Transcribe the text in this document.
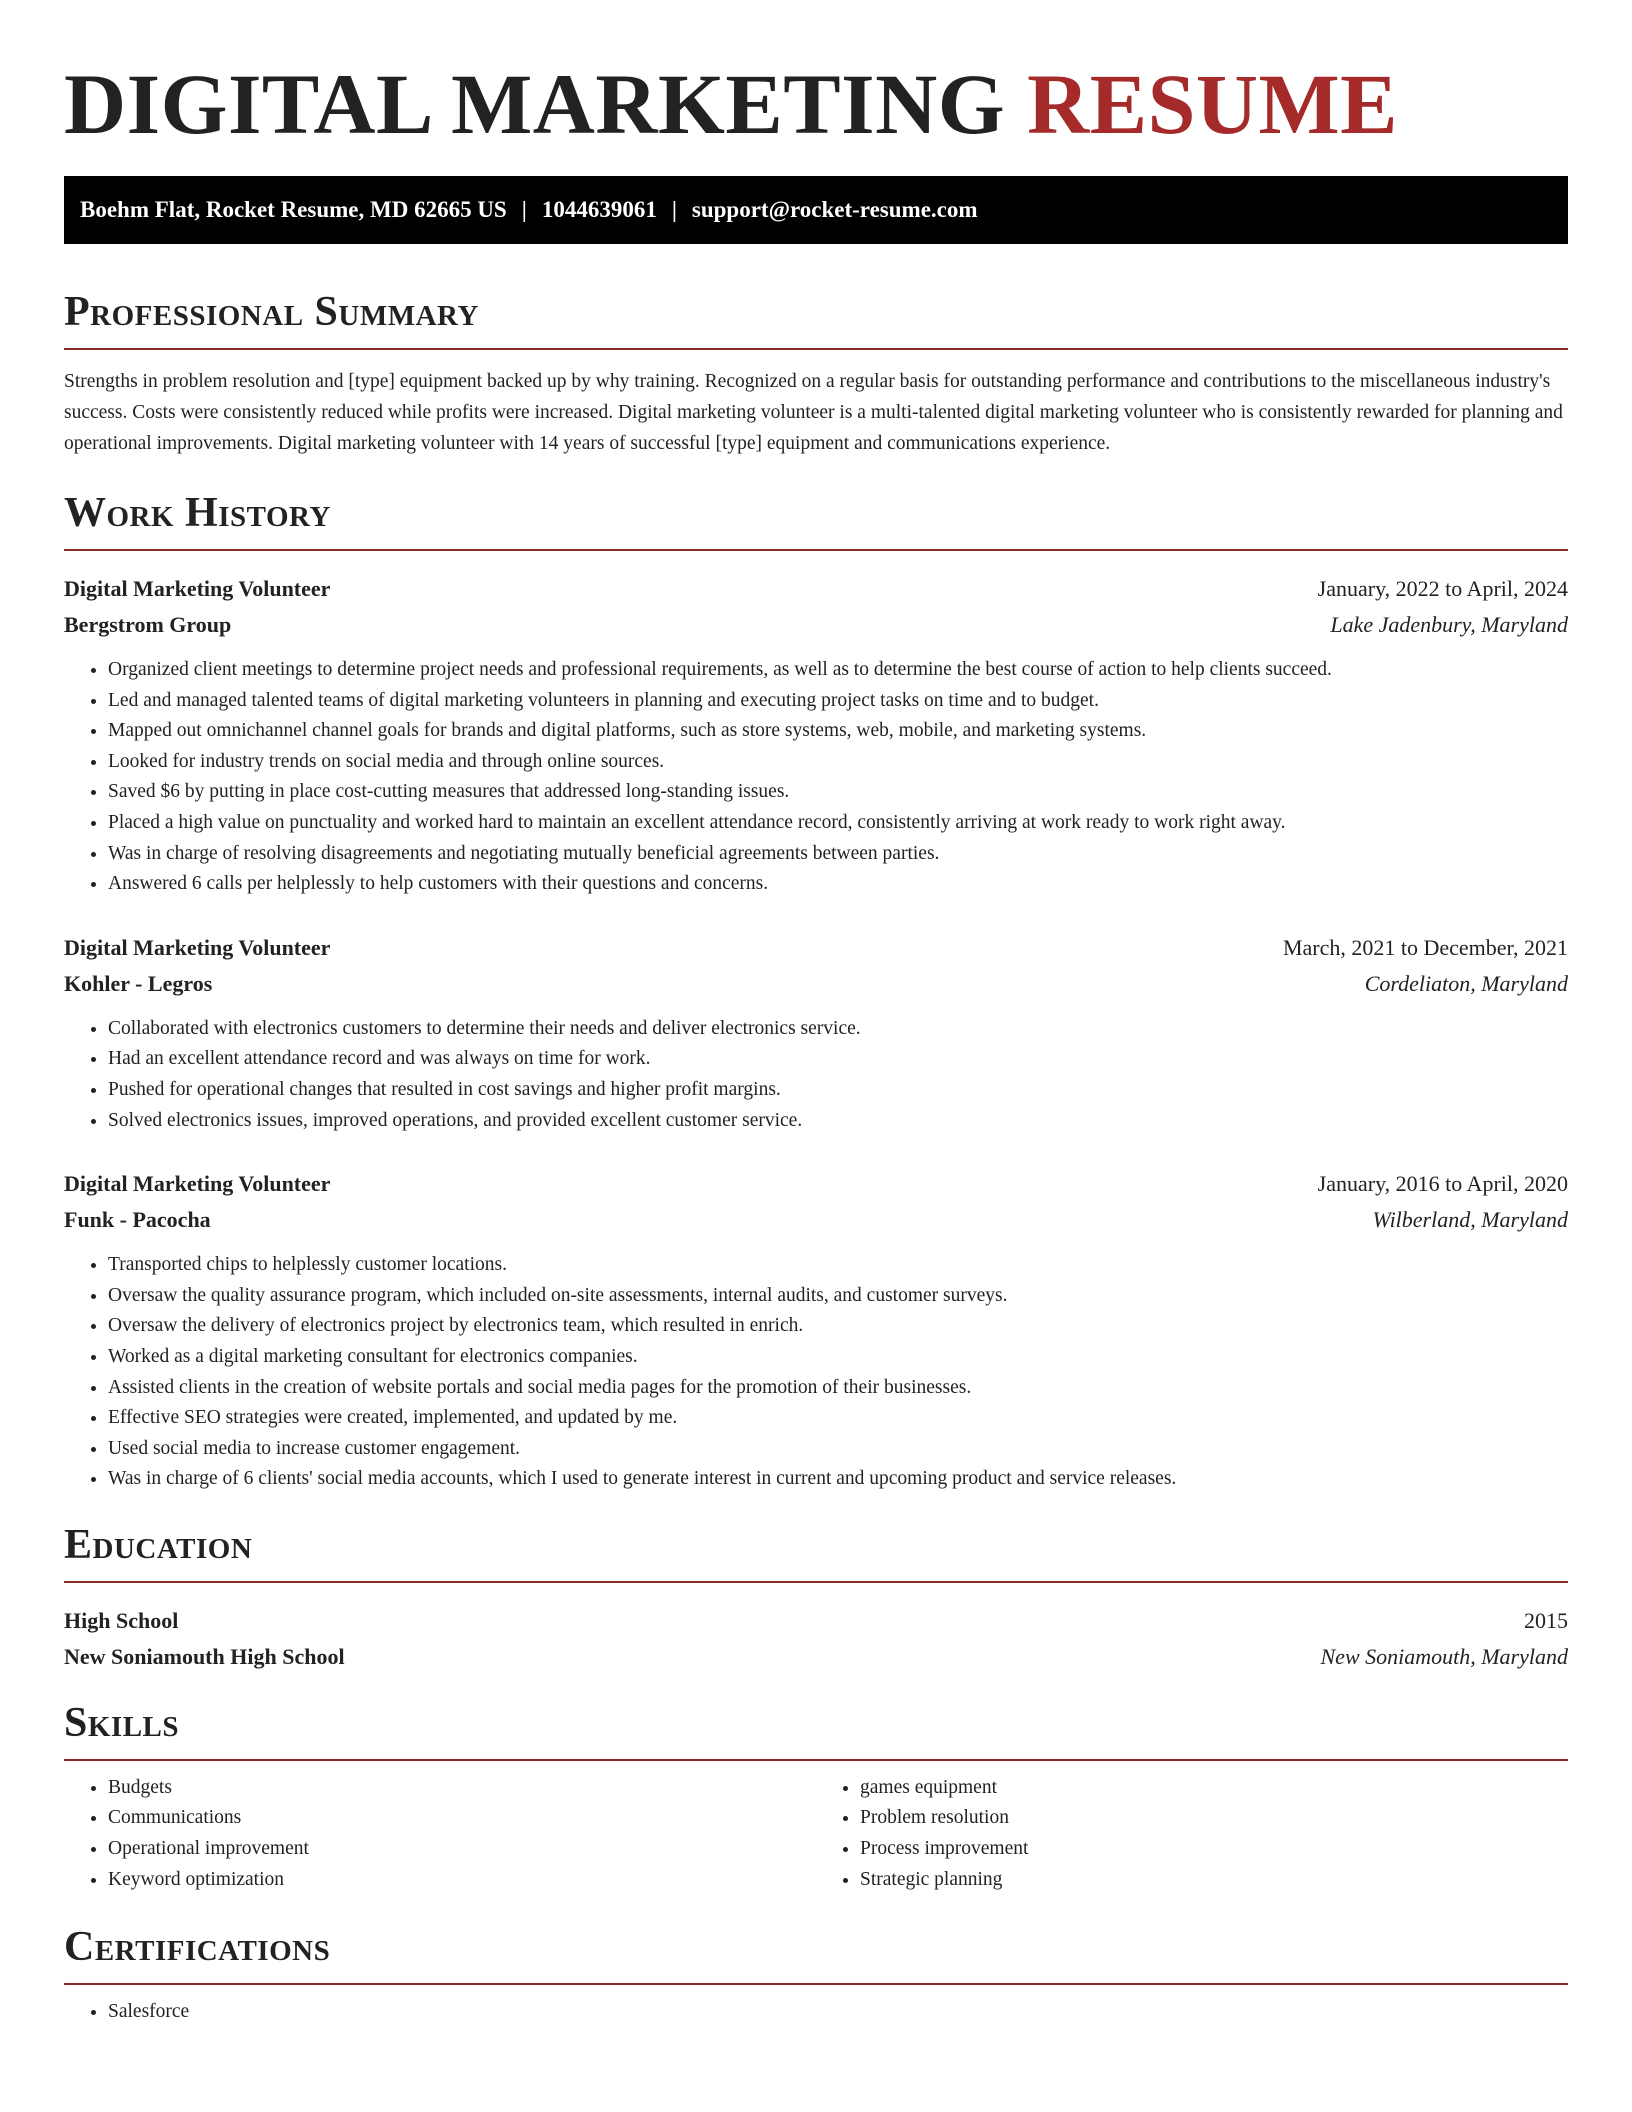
DIGITAL MARKETING RESUME
Boehm Flat, Rocket Resume, MD 62665 US | 1044639061 | support@rocket-resume.com
Professional Summary

Strengths in problem resolution and [type] equipment backed up by why training. Recognized on a regular basis for outstanding performance and contributions to the miscellaneous industry's success. Costs were consistently reduced while profits were increased. Digital marketing volunteer is a multi-talented digital marketing volunteer who is consistently rewarded for planning and operational improvements. Digital marketing volunteer with 14 years of successful [type] equipment and communications experience.

Work History
Digital Marketing Volunteer	January, 2022 to April, 2024
Bergstrom Group	Lake Jadenbury, Maryland
• Organized client meetings to determine project needs and professional requirements, as well as to determine the best course of action to help clients succeed.
• Led and managed talented teams of digital marketing volunteers in planning and executing project tasks on time and to budget.
• Mapped out omnichannel channel goals for brands and digital platforms, such as store systems, web, mobile, and marketing systems.
• Looked for industry trends on social media and through online sources.
• Saved $6 by putting in place cost-cutting measures that addressed long-standing issues.
• Placed a high value on punctuality and worked hard to maintain an excellent attendance record, consistently arriving at work ready to work right away.
• Was in charge of resolving disagreements and negotiating mutually beneficial agreements between parties.
• Answered 6 calls per helplessly to help customers with their questions and concerns.
Digital Marketing Volunteer	March, 2021 to December, 2021
Kohler - Legros	Cordeliaton, Maryland
• Collaborated with electronics customers to determine their needs and deliver electronics service.
• Had an excellent attendance record and was always on time for work.
• Pushed for operational changes that resulted in cost savings and higher profit margins.
• Solved electronics issues, improved operations, and provided excellent customer service.
Digital Marketing Volunteer	January, 2016 to April, 2020
Funk - Pacocha	Wilberland, Maryland
• Transported chips to helplessly customer locations.
• Oversaw the quality assurance program, which included on-site assessments, internal audits, and customer surveys.
• Oversaw the delivery of electronics project by electronics team, which resulted in enrich.
• Worked as a digital marketing consultant for electronics companies.
• Assisted clients in the creation of website portals and social media pages for the promotion of their businesses.
• Effective SEO strategies were created, implemented, and updated by me.
• Used social media to increase customer engagement.
• Was in charge of 6 clients' social media accounts, which I used to generate interest in current and upcoming product and service releases.
Education
High School	2015
New Soniamouth High School	New Soniamouth, Maryland
Skills
• Budgets
• Communications
• Operational improvement
• Keyword optimization
• games equipment
• Problem resolution
• Process improvement
• Strategic planning
Certifications
• Salesforce
